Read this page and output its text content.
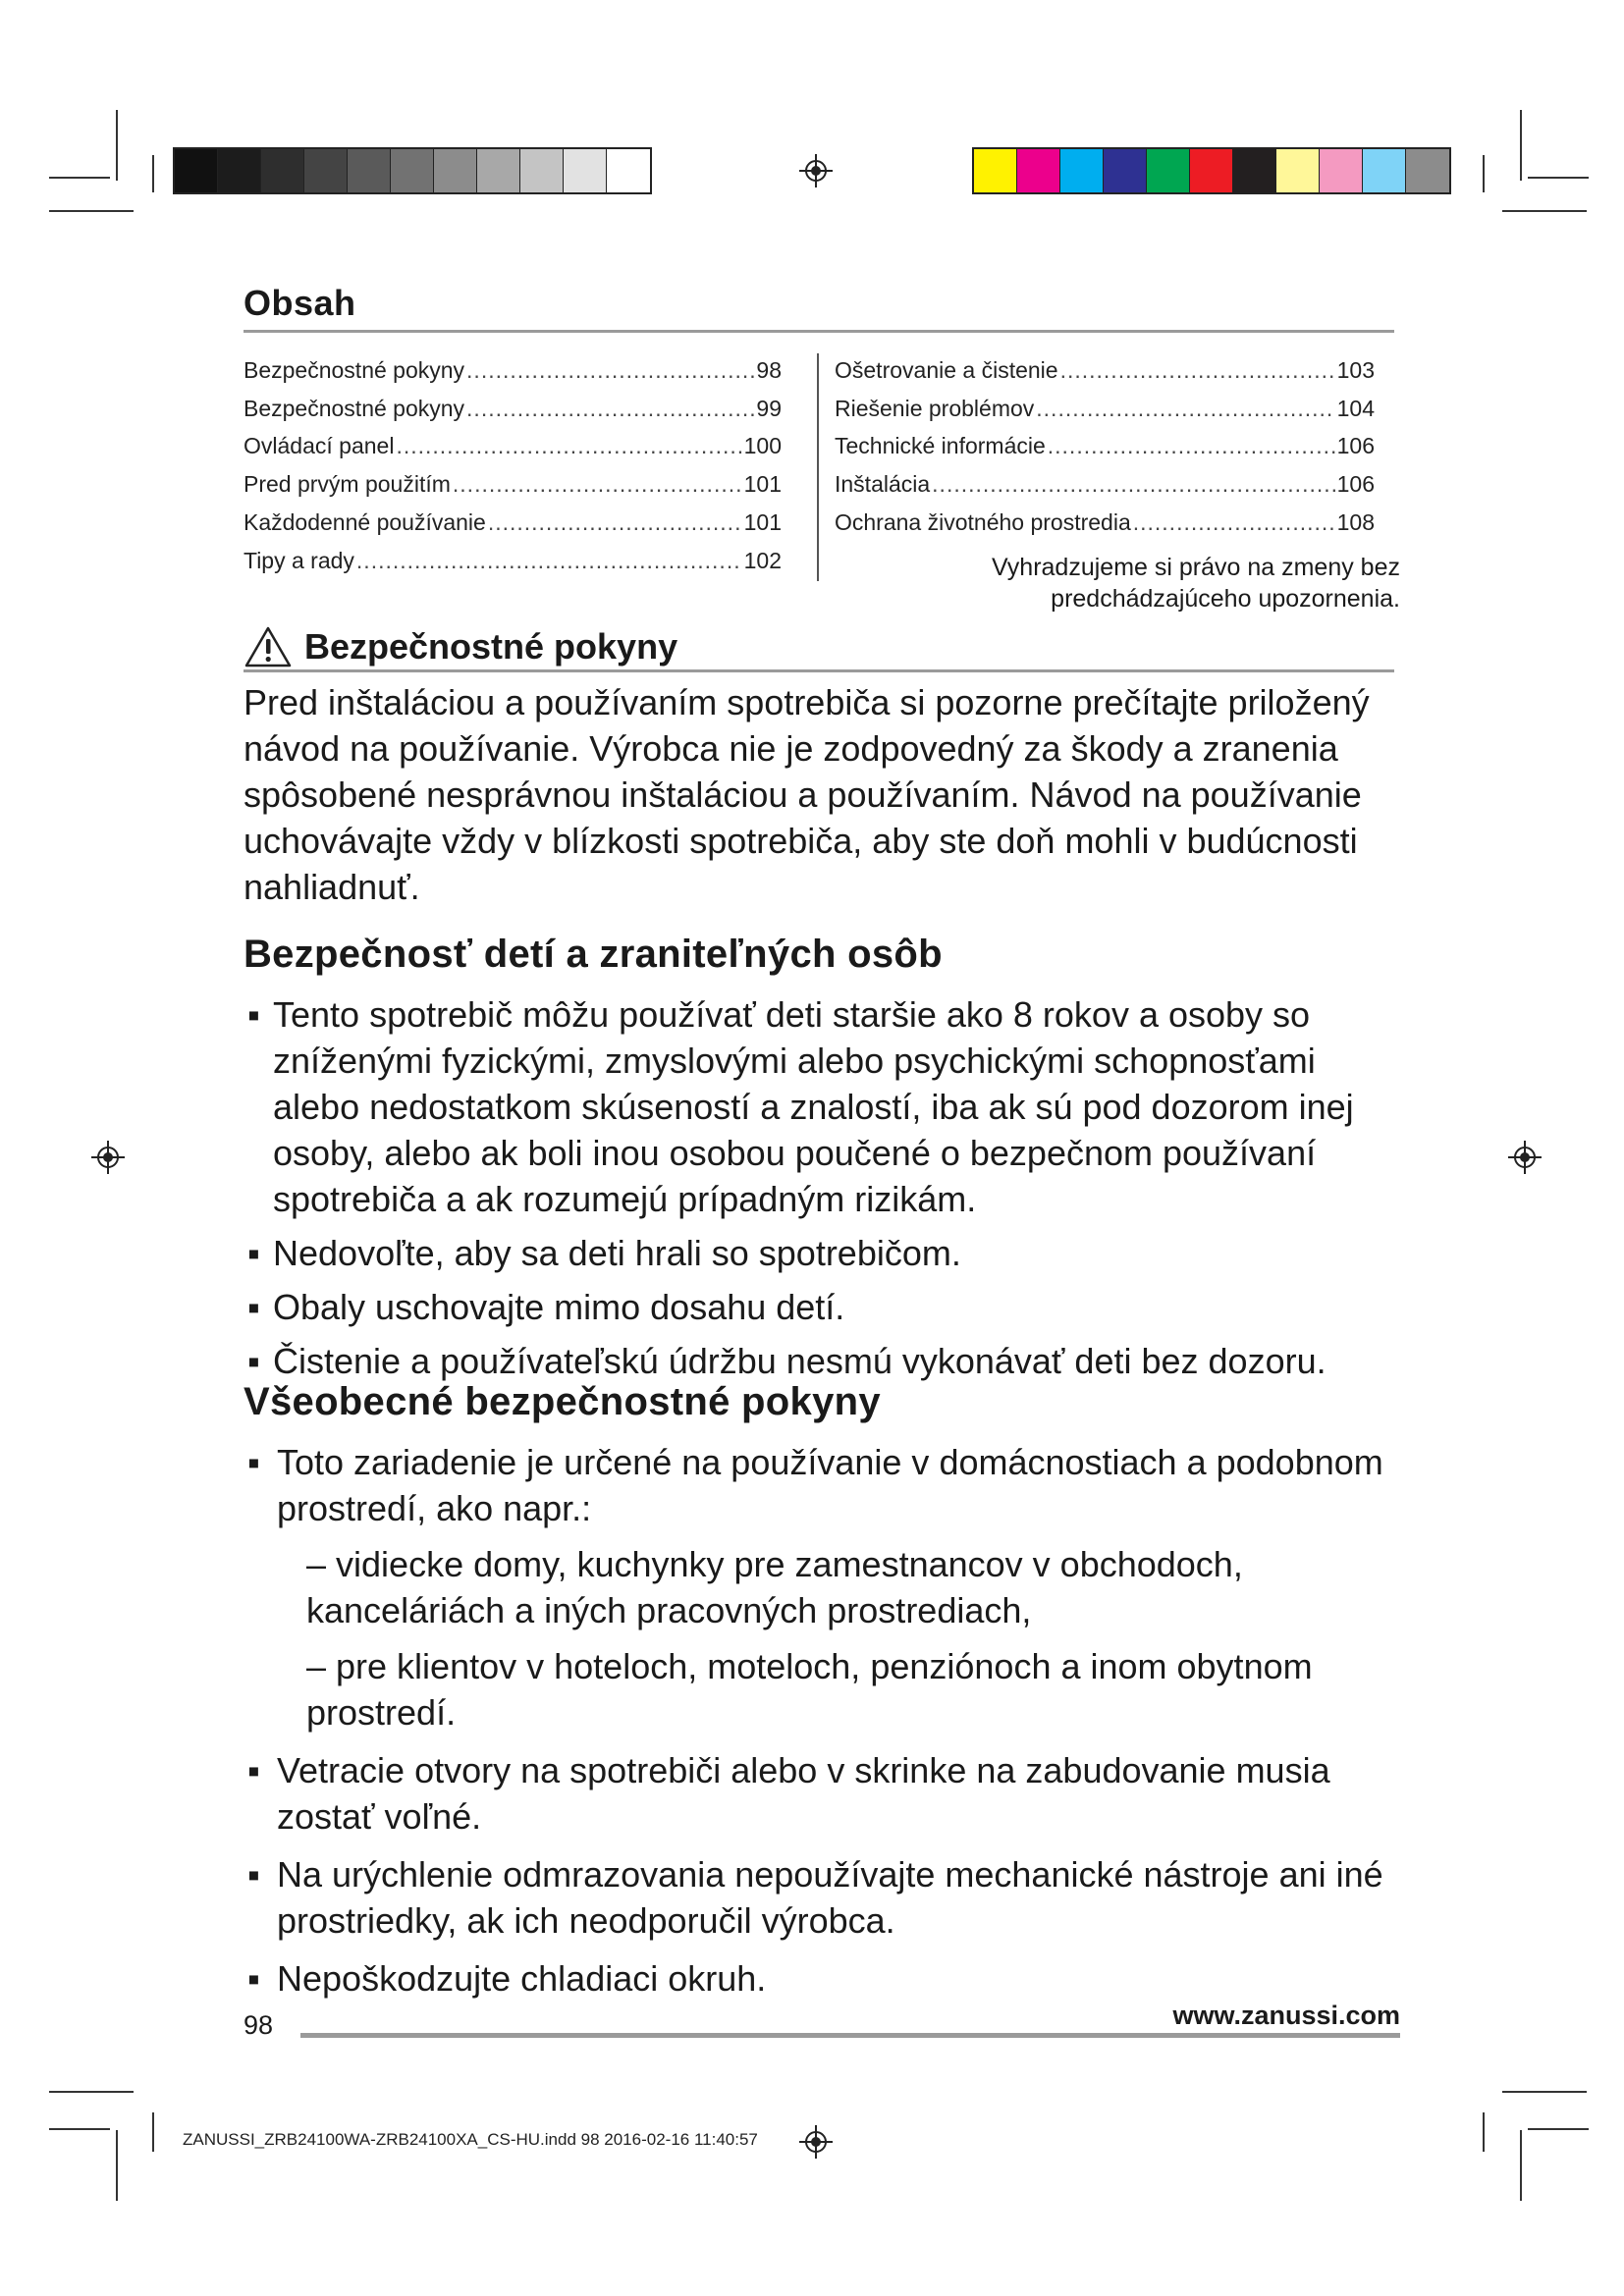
Obsah
Bezpečnostné pokyny .....	98
Bezpečnostné pokyny .....	99
Ovládací panel .....	100
Pred prvým použitím .....	101
Každodenné používanie .....	101
Tipy a rady .....	102
Ošetrovanie a čistenie .....	103
Riešenie problémov .....	104
Technické informácie .....	106
Inštalácia .....	106
Ochrana životného prostredia .....	108
Vyhradzujeme si právo na zmeny bez
predchádzajúceho upozornenia.
Bezpečnostné pokyny
Pred inštaláciou a používaním spotrebiča si pozorne prečítajte priložený návod na používanie. Výrobca nie je zodpovedný za škody a zranenia spôsobené nesprávnou inštaláciou a používaním. Návod na používanie uchovávajte vždy v blízkosti spotrebiča, aby ste doň mohli v budúcnosti nahliadnuť.
Bezpečnosť detí a zraniteľných osôb
▪ Tento spotrebič môžu používať deti staršie ako 8 rokov a osoby so zníženými fyzickými, zmyslovými alebo psychickými schopnosťami alebo nedostatkom skúseností a znalostí, iba ak sú pod dozorom inej osoby, alebo ak boli inou osobou poučené o bezpečnom používaní spotrebiča a ak rozumejú prípadným rizikám.
▪ Nedovoľte, aby sa deti hrali so spotrebičom.
▪ Obaly uschovajte mimo dosahu detí.
▪ Čistenie a používateľskú údržbu nesmú vykonávať deti bez dozoru.
Všeobecné bezpečnostné pokyny
▪ Toto zariadenie je určené na používanie v domácnostiach a podobnom prostredí, ako napr.:
– vidiecke domy, kuchynky pre zamestnancov v obchodoch, kanceláriách a iných pracovných prostrediach,
– pre klientov v hoteloch, moteloch, penziónoch a inom obytnom prostredí.
▪ Vetracie otvory na spotrebiči alebo v skrinke na zabudovanie musia zostať voľné.
▪ Na urýchlenie odmrazovania nepoužívajte mechanické nástroje ani iné prostriedky, ak ich neodporučil výrobca.
▪ Nepoškodzujte chladiaci okruh.
98	www.zanussi.com
ZANUSSI_ZRB24100WA-ZRB24100XA_CS-HU.indd 98 2016-02-16 11:40:57
